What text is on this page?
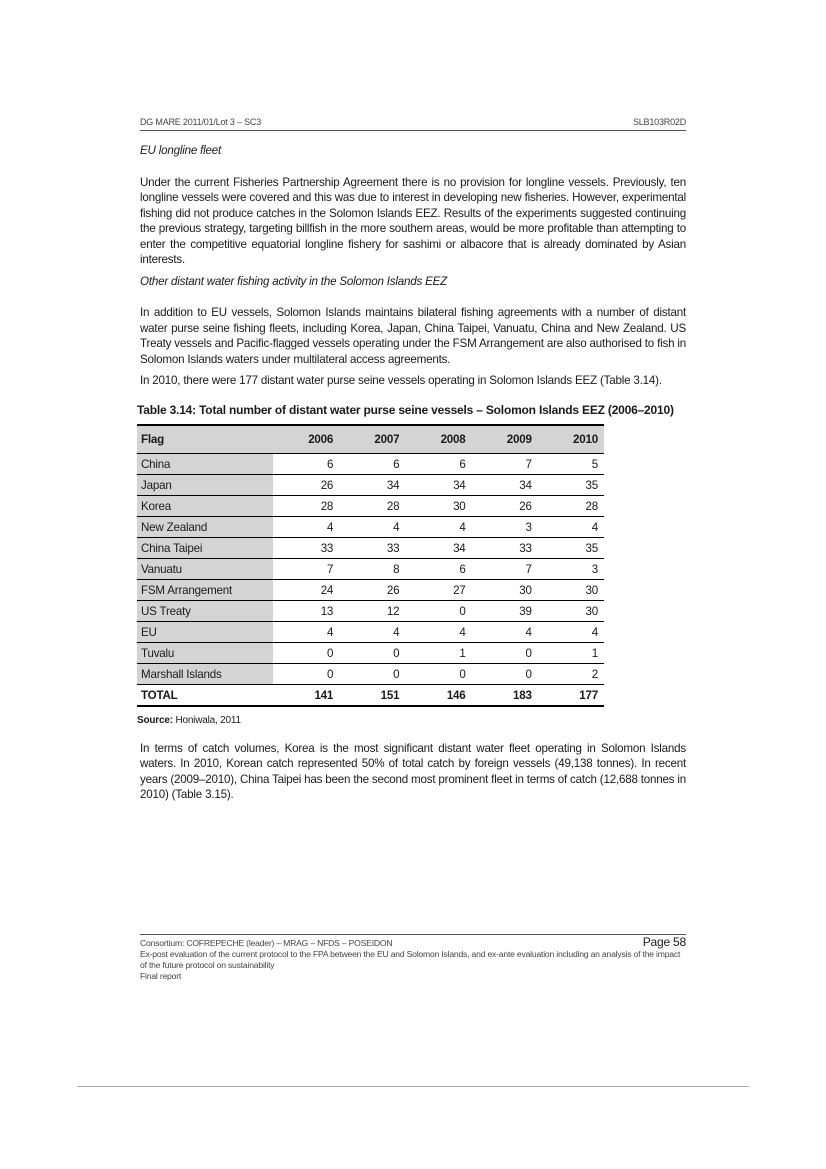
DG MARE 2011/01/Lot 3 – SC3	SLB103R02D

EU longline fleet

Under the current Fisheries Partnership Agreement there is no provision for longline vessels. Previously, ten longline vessels were covered and this was due to interest in developing new fisheries. However, experimental fishing did not produce catches in the Solomon Islands EEZ. Results of the experiments suggested continuing the previous strategy, targeting billfish in the more southern areas, would be more profitable than attempting to enter the competitive equatorial longline fishery for sashimi or albacore that is already dominated by Asian interests.

Other distant water fishing activity in the Solomon Islands EEZ

In addition to EU vessels, Solomon Islands maintains bilateral fishing agreements with a number of distant water purse seine fishing fleets, including Korea, Japan, China Taipei, Vanuatu, China and New Zealand. US Treaty vessels and Pacific-flagged vessels operating under the FSM Arrangement are also authorised to fish in Solomon Islands waters under multilateral access agreements.

In 2010, there were 177 distant water purse seine vessels operating in Solomon Islands EEZ (Table 3.14).

Table 3.14: Total number of distant water purse seine vessels – Solomon Islands EEZ (2006–2010)
Flag	2006	2007	2008	2009	2010
China	6	6	6	7	5
Japan	26	34	34	34	35
Korea	28	28	30	26	28
New Zealand	4	4	4	3	4
China Taipei	33	33	34	33	35
Vanuatu	7	8	6	7	3
FSM Arrangement	24	26	27	30	30
US Treaty	13	12	0	39	30
EU	4	4	4	4	4
Tuvalu	0	0	1	0	1
Marshall Islands	0	0	0	0	2
TOTAL	141	151	146	183	177
Source: Honiwala, 2011

In terms of catch volumes, Korea is the most significant distant water fleet operating in Solomon Islands waters. In 2010, Korean catch represented 50% of total catch by foreign vessels (49,138 tonnes). In recent years (2009–2010), China Taipei has been the second most prominent fleet in terms of catch (12,688 tonnes in 2010) (Table 3.15).

Consortium: COFREPECHE (leader) – MRAG – NFDS – POSEIDON	Page 58
Ex-post evaluation of the current protocol to the FPA between the EU and Solomon Islands, and ex-ante evaluation including an analysis of the impact of the future protocol on sustainability
Final report
